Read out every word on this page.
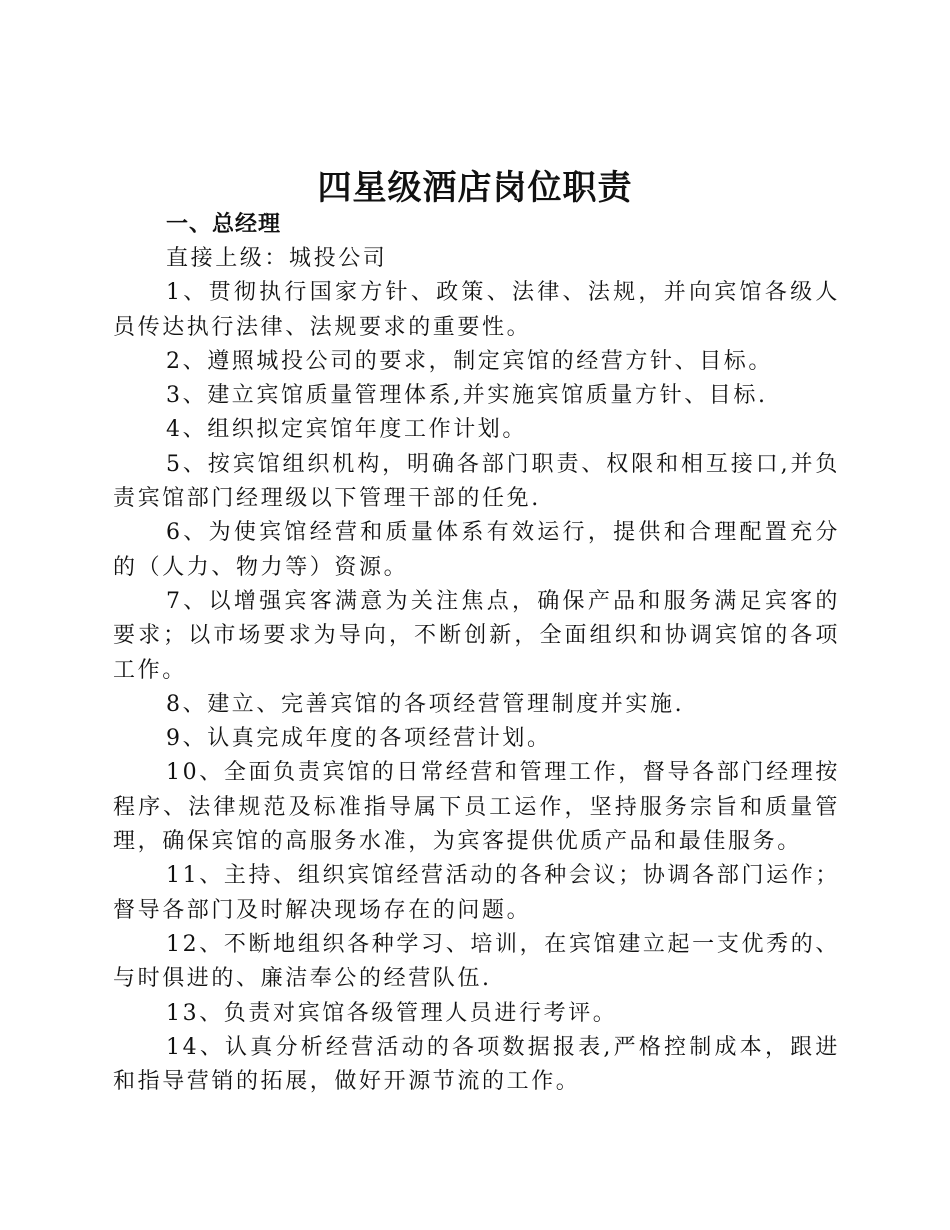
四星级酒店岗位职责
一、总经理

直接上级：城投公司

1、贯彻执行国家方针、政策、法律、法规，并向宾馆各级人员传达执行法律、法规要求的重要性。

2、遵照城投公司的要求，制定宾馆的经营方针、目标。

3、建立宾馆质量管理体系,并实施宾馆质量方针、目标.

4、组织拟定宾馆年度工作计划。

5、按宾馆组织机构，明确各部门职责、权限和相互接口,并负责宾馆部门经理级以下管理干部的任免.

6、为使宾馆经营和质量体系有效运行，提供和合理配置充分的（人力、物力等）资源。

7、以增强宾客满意为关注焦点，确保产品和服务满足宾客的要求；以市场要求为导向，不断创新，全面组织和协调宾馆的各项工作。

8、建立、完善宾馆的各项经营管理制度并实施.

9、认真完成年度的各项经营计划。

10、全面负责宾馆的日常经营和管理工作，督导各部门经理按程序、法律规范及标准指导属下员工运作，坚持服务宗旨和质量管理，确保宾馆的高服务水准，为宾客提供优质产品和最佳服务。

11、主持、组织宾馆经营活动的各种会议；协调各部门运作；督导各部门及时解决现场存在的问题。

12、不断地组织各种学习、培训，在宾馆建立起一支优秀的、与时俱进的、廉洁奉公的经营队伍.

13、负责对宾馆各级管理人员进行考评。

14、认真分析经营活动的各项数据报表,严格控制成本，跟进和指导营销的拓展，做好开源节流的工作。
